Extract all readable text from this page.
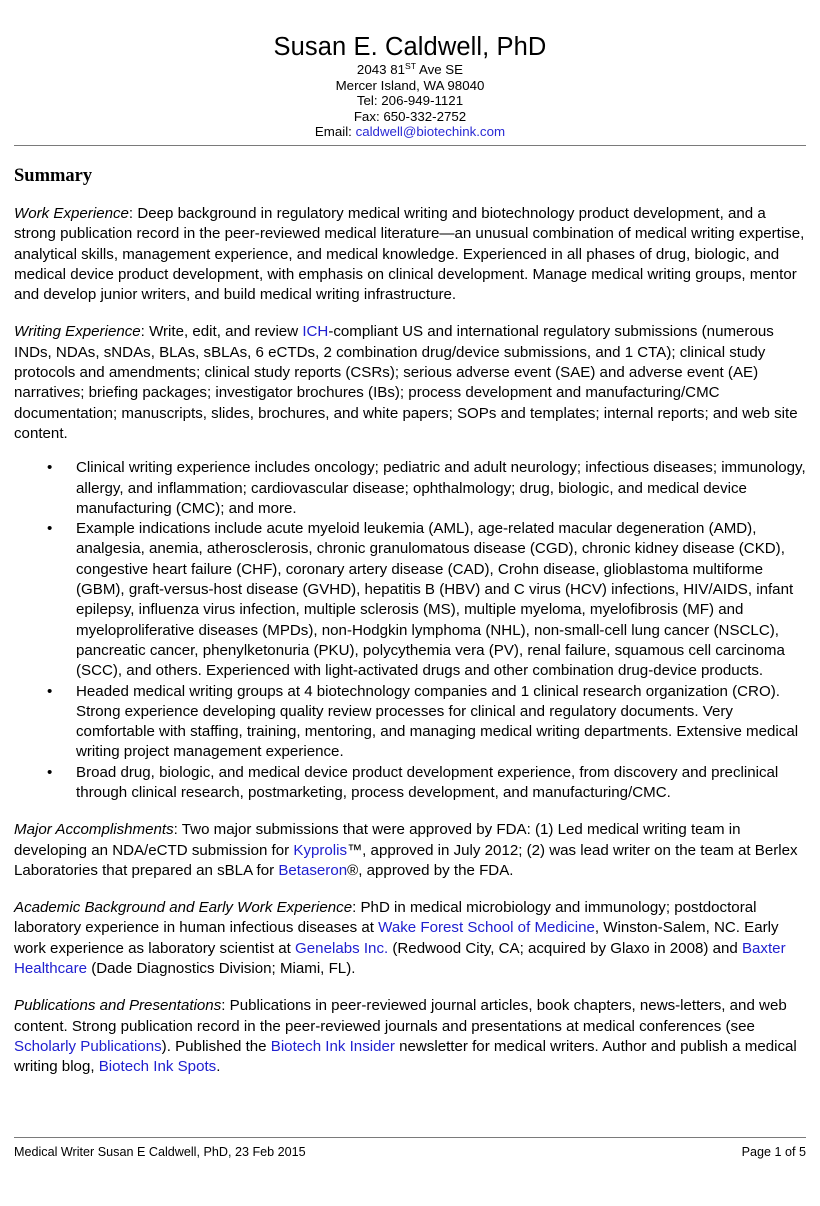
Susan E. Caldwell, PhD
2043 81ST Ave SE
Mercer Island, WA 98040
Tel: 206-949-1121
Fax: 650-332-2752
Email: caldwell@biotechink.com
Summary

Work Experience: Deep background in regulatory medical writing and biotechnology product development, and a strong publication record in the peer-reviewed medical literature—an unusual combination of medical writing expertise, analytical skills, management experience, and medical knowledge. Experienced in all phases of drug, biologic, and medical device product development, with emphasis on clinical development. Manage medical writing groups, mentor and develop junior writers, and build medical writing infrastructure.

Writing Experience: Write, edit, and review ICH-compliant US and international regulatory submissions (numerous INDs, NDAs, sNDAs, BLAs, sBLAs, 6 eCTDs, 2 combination drug/device submissions, and 1 CTA); clinical study protocols and amendments; clinical study reports (CSRs); serious adverse event (SAE) and adverse event (AE) narratives; briefing packages; investigator brochures (IBs); process development and manufacturing/CMC documentation; manuscripts, slides, brochures, and white papers; SOPs and templates; internal reports; and web site content.

• Clinical writing experience includes oncology; pediatric and adult neurology; infectious diseases; immunology, allergy, and inflammation; cardiovascular disease; ophthalmology; drug, biologic, and medical device manufacturing (CMC); and more.
• Example indications include acute myeloid leukemia (AML), age-related macular degeneration (AMD), analgesia, anemia, atherosclerosis, chronic granulomatous disease (CGD), chronic kidney disease (CKD), congestive heart failure (CHF), coronary artery disease (CAD), Crohn disease, glioblastoma multiforme (GBM), graft-versus-host disease (GVHD), hepatitis B (HBV) and C virus (HCV) infections, HIV/AIDS, infant epilepsy, influenza virus infection, multiple sclerosis (MS), multiple myeloma, myelofibrosis (MF) and myeloproliferative diseases (MPDs), non-Hodgkin lymphoma (NHL), non-small-cell lung cancer (NSCLC), pancreatic cancer, phenylketonuria (PKU), polycythemia vera (PV), renal failure, squamous cell carcinoma (SCC), and others. Experienced with light-activated drugs and other combination drug-device products.
• Headed medical writing groups at 4 biotechnology companies and 1 clinical research organization (CRO). Strong experience developing quality review processes for clinical and regulatory documents. Very comfortable with staffing, training, mentoring, and managing medical writing departments. Extensive medical writing project management experience.
• Broad drug, biologic, and medical device product development experience, from discovery and preclinical through clinical research, postmarketing, process development, and manufacturing/CMC.

Major Accomplishments: Two major submissions that were approved by FDA: (1) Led medical writing team in developing an NDA/eCTD submission for Kyprolis™, approved in July 2012; (2) was lead writer on the team at Berlex Laboratories that prepared an sBLA for Betaseron®, approved by the FDA.

Academic Background and Early Work Experience: PhD in medical microbiology and immunology; postdoctoral laboratory experience in human infectious diseases at Wake Forest School of Medicine, Winston-Salem, NC. Early work experience as laboratory scientist at Genelabs Inc. (Redwood City, CA; acquired by Glaxo in 2008) and Baxter Healthcare (Dade Diagnostics Division; Miami, FL).

Publications and Presentations: Publications in peer-reviewed journal articles, book chapters, news-letters, and web content. Strong publication record in the peer-reviewed journals and presentations at medical conferences (see Scholarly Publications). Published the Biotech Ink Insider newsletter for medical writers. Author and publish a medical writing blog, Biotech Ink Spots.

Medical Writer Susan E Caldwell, PhD, 23 Feb 2015	Page 1 of 5
